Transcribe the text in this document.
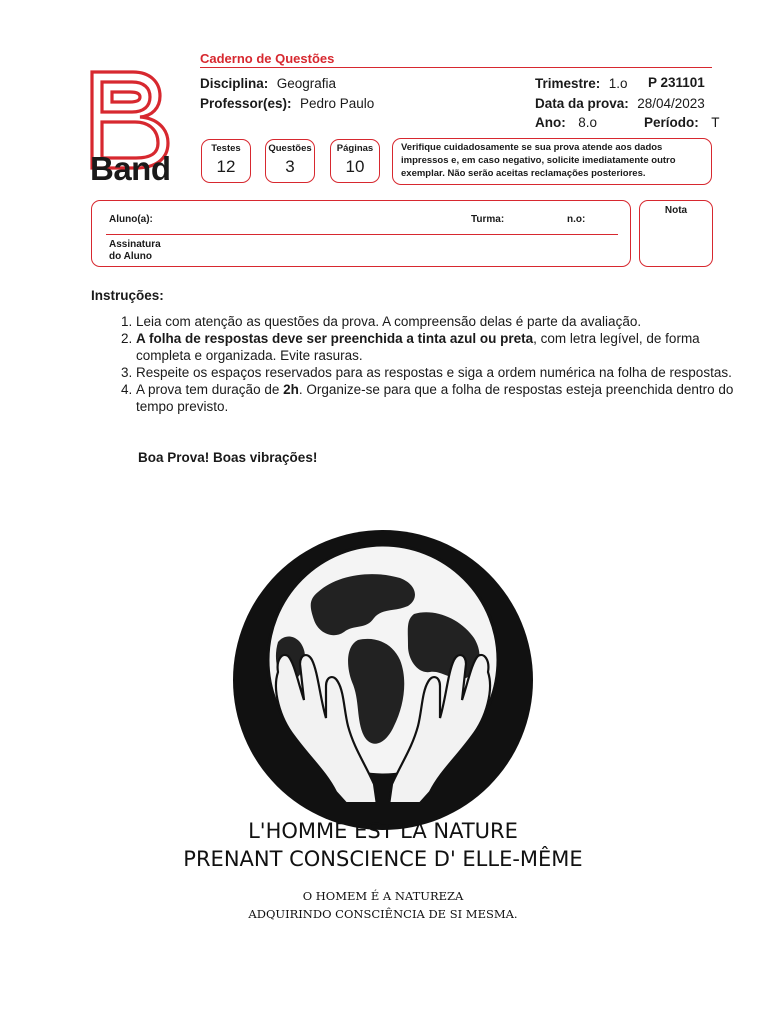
Band
Caderno de Questões
Disciplina: Geografia
Professor(es): Pedro Paulo
Trimestre: 1.o P 231101
Data da prova: 28/04/2023
Ano: 8.o	Período: T
Testes
12
Questões
3
Páginas
10
Verifique cuidadosamente se sua prova atende aos dados impressos e, em caso negativo, solicite imediatamente outro exemplar. Não serão aceitas reclamações posteriores.
Aluno(a):	Turma:	n.o:
Assinatura
do Aluno
Nota
Instruções:
1. Leia com atenção as questões da prova. A compreensão delas é parte da avaliação.
2. A folha de respostas deve ser preenchida a tinta azul ou preta, com letra legível, de forma completa e organizada. Evite rasuras.
3. Respeite os espaços reservados para as respostas e siga a ordem numérica na folha de respostas.
4. A prova tem duração de 2h. Organize-se para que a folha de respostas esteja preenchida dentro do tempo previsto.
Boa Prova! Boas vibrações!
L'HOMME EST LA NATURE
PRENANT CONSCIENCE D' ELLE-MÊME
O HOMEM É A NATUREZA
ADQUIRINDO CONSCIÊNCIA DE SI MESMA.
